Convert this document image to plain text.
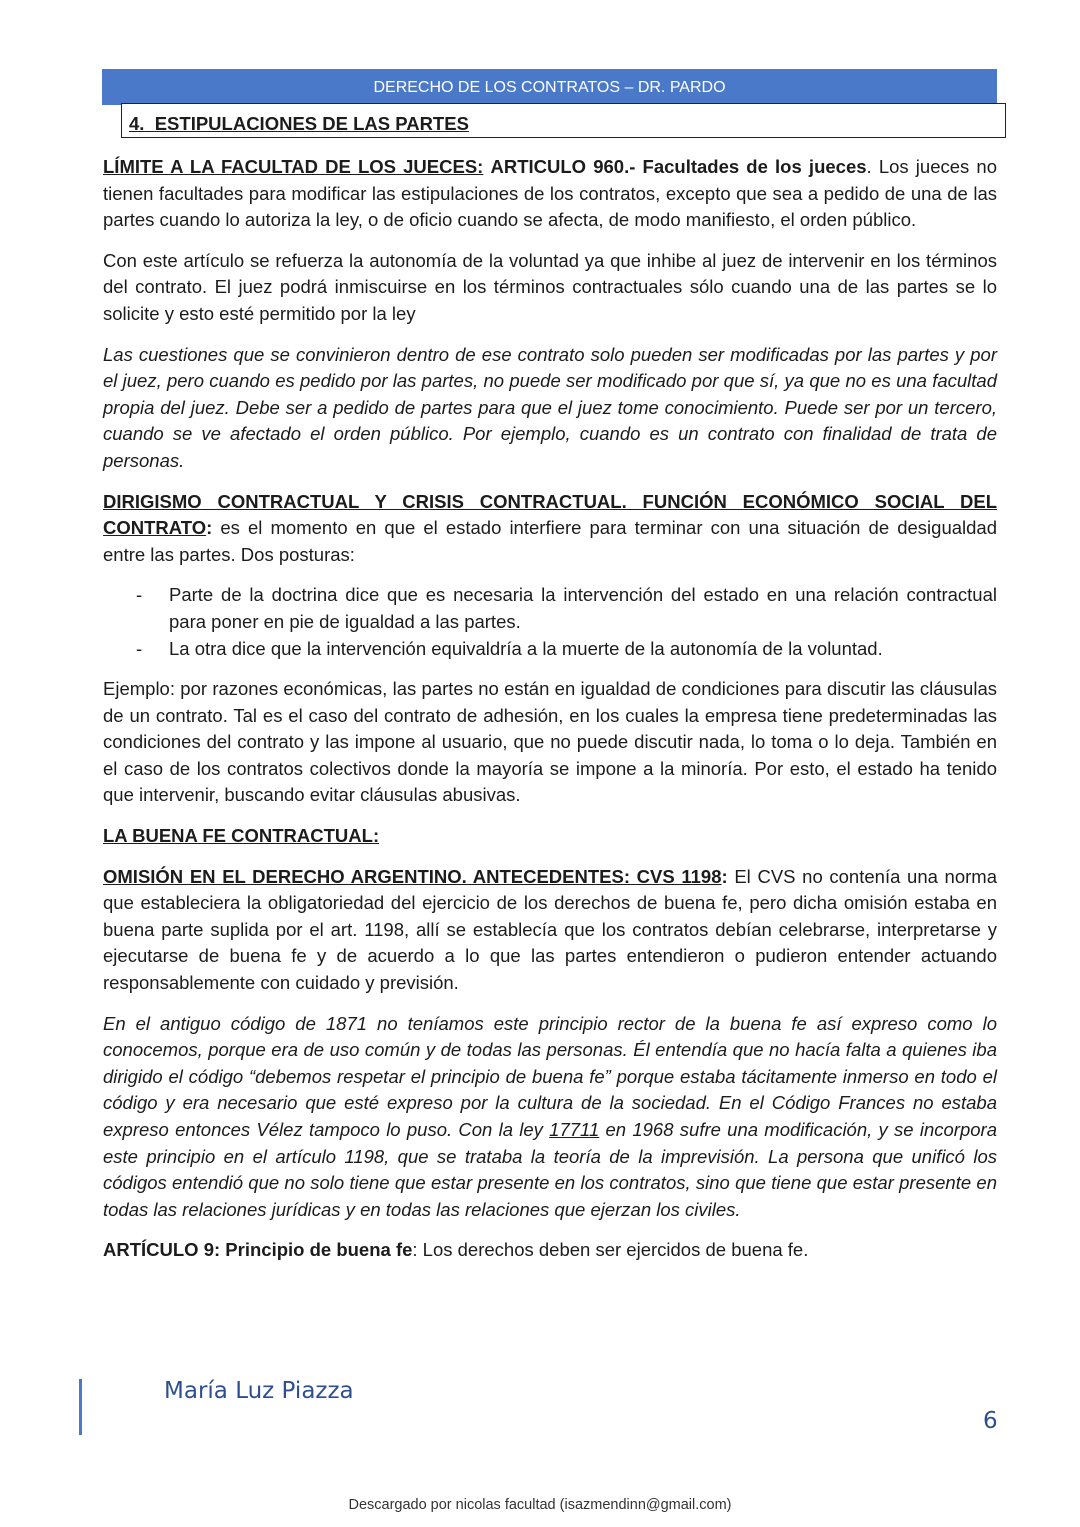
DERECHO DE LOS CONTRATOS – DR. PARDO
4. ESTIPULACIONES DE LAS PARTES

LÍMITE A LA FACULTAD DE LOS JUECES: ARTICULO 960.- Facultades de los jueces. Los jueces no tienen facultades para modificar las estipulaciones de los contratos, excepto que sea a pedido de una de las partes cuando lo autoriza la ley, o de oficio cuando se afecta, de modo manifiesto, el orden público.

Con este artículo se refuerza la autonomía de la voluntad ya que inhibe al juez de intervenir en los términos del contrato. El juez podrá inmiscuirse en los términos contractuales sólo cuando una de las partes se lo solicite y esto esté permitido por la ley

Las cuestiones que se convinieron dentro de ese contrato solo pueden ser modificadas por las partes y por el juez, pero cuando es pedido por las partes, no puede ser modificado por que sí, ya que no es una facultad propia del juez. Debe ser a pedido de partes para que el juez tome conocimiento. Puede ser por un tercero, cuando se ve afectado el orden público. Por ejemplo, cuando es un contrato con finalidad de trata de personas.

DIRIGISMO CONTRACTUAL Y CRISIS CONTRACTUAL. FUNCIÓN ECONÓMICO SOCIAL DEL CONTRATO: es el momento en que el estado interfiere para terminar con una situación de desigualdad entre las partes. Dos posturas:

- Parte de la doctrina dice que es necesaria la intervención del estado en una relación contractual para poner en pie de igualdad a las partes.
- La otra dice que la intervención equivaldría a la muerte de la autonomía de la voluntad.

Ejemplo: por razones económicas, las partes no están en igualdad de condiciones para discutir las cláusulas de un contrato. Tal es el caso del contrato de adhesión, en los cuales la empresa tiene predeterminadas las condiciones del contrato y las impone al usuario, que no puede discutir nada, lo toma o lo deja. También en el caso de los contratos colectivos donde la mayoría se impone a la minoría. Por esto, el estado ha tenido que intervenir, buscando evitar cláusulas abusivas.

LA BUENA FE CONTRACTUAL:

OMISIÓN EN EL DERECHO ARGENTINO. ANTECEDENTES: CVS 1198: El CVS no contenía una norma que estableciera la obligatoriedad del ejercicio de los derechos de buena fe, pero dicha omisión estaba en buena parte suplida por el art. 1198, allí se establecía que los contratos debían celebrarse, interpretarse y ejecutarse de buena fe y de acuerdo a lo que las partes entendieron o pudieron entender actuando responsablemente con cuidado y previsión.

En el antiguo código de 1871 no teníamos este principio rector de la buena fe así expreso como lo conocemos, porque era de uso común y de todas las personas. Él entendía que no hacía falta a quienes iba dirigido el código “debemos respetar el principio de buena fe” porque estaba tácitamente inmerso en todo el código y era necesario que esté expreso por la cultura de la sociedad. En el Código Frances no estaba expreso entonces Vélez tampoco lo puso. Con la ley 17711 en 1968 sufre una modificación, y se incorpora este principio en el artículo 1198, que se trataba la teoría de la imprevisión. La persona que unificó los códigos entendió que no solo tiene que estar presente en los contratos, sino que tiene que estar presente en todas las relaciones jurídicas y en todas las relaciones que ejerzan los civiles.

ARTÍCULO 9: Principio de buena fe: Los derechos deben ser ejercidos de buena fe.

María Luz Piazza
6
Descargado por nicolas facultad (isazmendinn@gmail.com)
